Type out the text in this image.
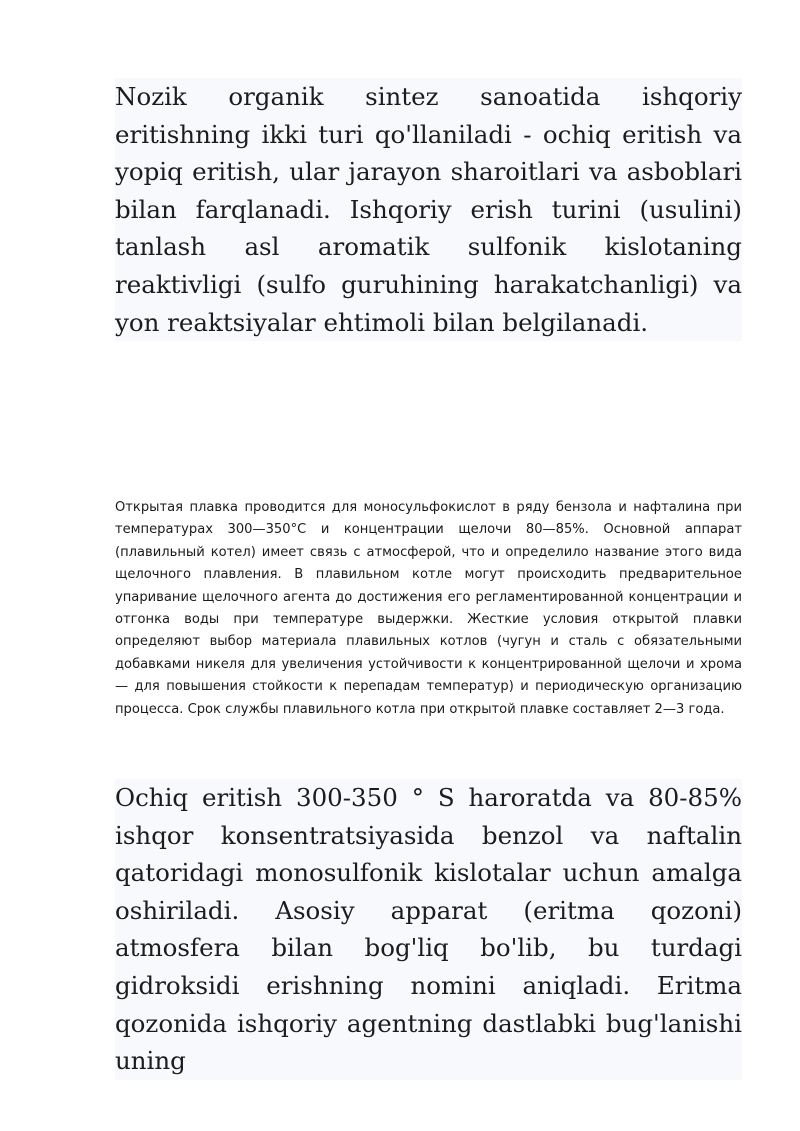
Nozik organik sintez sanoatida ishqoriy eritishning ikki turi qo'llaniladi - ochiq eritish va yopiq eritish, ular jarayon sharoitlari va asboblari bilan farqlanadi. Ishqoriy erish turini (usulini) tanlash asl aromatik sulfonik kislotaning reaktivligi (sulfo guruhining harakatchanligi) va yon reaktsiyalar ehtimoli bilan belgilanadi.

Открытая плавка проводится для моносульфокислот в ряду бензола и нафталина при температурах 300—350°С и концентрации щелочи 80—85%. Основной аппарат (плавильный котел) имеет связь с атмосферой, что и определило название этого вида щелочного плавления. В плавильном котле могут происходить предварительное упаривание щелочного агента до достижения его регламентированной концентрации и отгонка воды при температуре выдержки. Жесткие условия открытой плавки определяют выбор материала плавильных котлов (чугун и сталь с обязательными добавками никеля для увеличения устойчивости к концентрированной щелочи и хрома — для повышения стойкости к перепадам температур) и периодическую организацию процесса. Срок службы плавильного котла при открытой плавке составляет 2—3 года.

Ochiq eritish 300-350 ° S haroratda va 80-85% ishqor konsentratsiyasida benzol va naftalin qatoridagi monosulfonik kislotalar uchun amalga oshiriladi. Asosiy apparat (eritma qozoni) atmosfera bilan bog'liq bo'lib, bu turdagi gidroksidi erishning nomini aniqladi. Eritma qozonida ishqoriy agentning dastlabki bug'lanishi uning
